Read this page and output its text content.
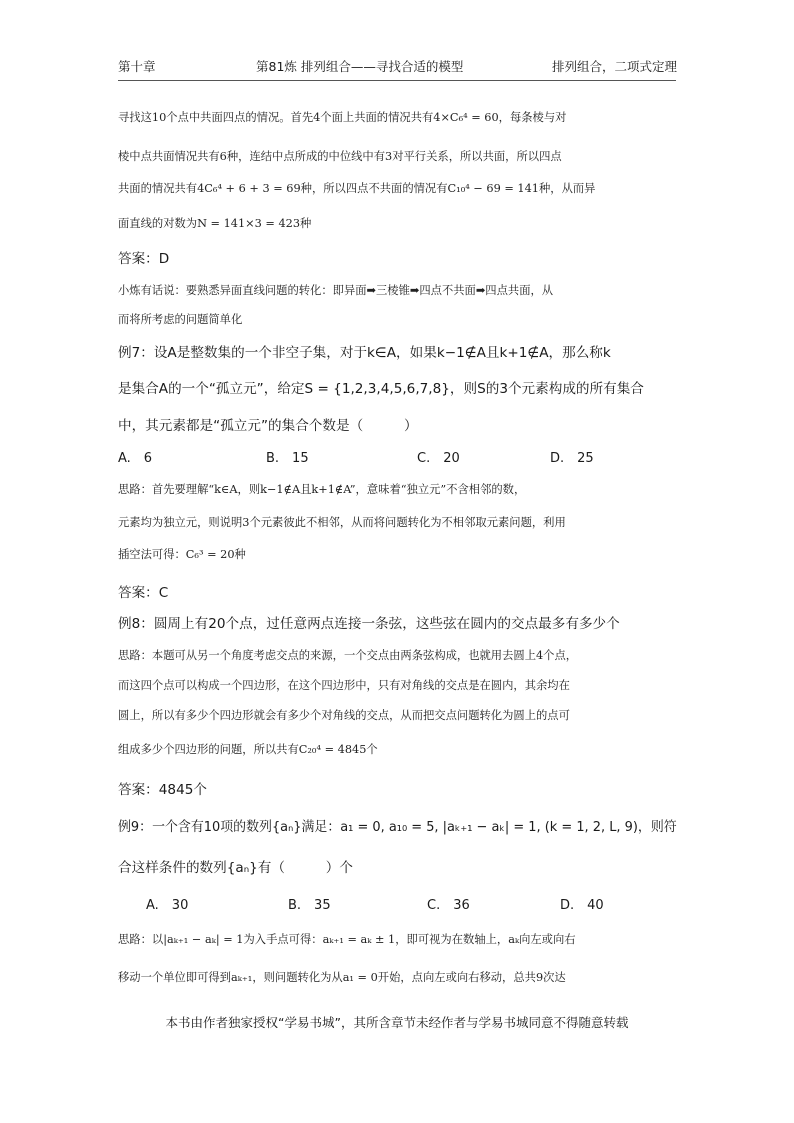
第十章	第81炼 排列组合——寻找合适的模型	排列组合，二项式定理
寻找这10个点中共面四点的情况。首先4个面上共面的情况共有4×C₆⁴ = 60，每条棱与对
棱中点共面情况共有6种，连结中点所成的中位线中有3对平行关系，所以共面，所以四点
共面的情况共有4C₆⁴ + 6 + 3 = 69种，所以四点不共面的情况有C₁₀⁴ − 69 = 141种，从而异
面直线的对数为N = 141×3 = 423种
答案：D
小炼有话说：要熟悉异面直线问题的转化：即异面➡三棱锥➡四点不共面➡四点共面，从
而将所考虑的问题简单化
例7：设A是整数集的一个非空子集，对于k∈A，如果k−1∉A且k+1∉A，那么称k
是集合A的一个“孤立元”，给定S = {1,2,3,4,5,6,7,8}，则S的3个元素构成的所有集合
中，其元素都是“孤立元”的集合个数是（　　　）
A.　6	B.　15	C.　20	D.　25
思路：首先要理解“k∈A，则k−1∉A且k+1∉A”，意味着“独立元”不含相邻的数，
元素均为独立元，则说明3个元素彼此不相邻，从而将问题转化为不相邻取元素问题，利用
插空法可得：C₆³ = 20种
答案：C
例8：圆周上有20个点，过任意两点连接一条弦，这些弦在圆内的交点最多有多少个
思路：本题可从另一个角度考虑交点的来源，一个交点由两条弦构成，也就用去圆上4个点，
而这四个点可以构成一个四边形，在这个四边形中，只有对角线的交点是在圆内，其余均在
圆上，所以有多少个四边形就会有多少个对角线的交点，从而把交点问题转化为圆上的点可
组成多少个四边形的问题，所以共有C₂₀⁴ = 4845个
答案：4845个
例9：一个含有10项的数列{aₙ}满足：a₁ = 0, a₁₀ = 5, |aₖ₊₁ − aₖ| = 1, (k = 1, 2, L, 9)，则符
合这样条件的数列{aₙ}有（　　　）个
A.　30	B.　35	C.　36	D.　40
思路：以|aₖ₊₁ − aₖ| = 1为入手点可得：aₖ₊₁ = aₖ ± 1，即可视为在数轴上，aₖ向左或向右
移动一个单位即可得到aₖ₊₁，则问题转化为从a₁ = 0开始，点向左或向右移动，总共9次达
本书由作者独家授权“学易书城”，其所含章节未经作者与学易书城同意不得随意转载
